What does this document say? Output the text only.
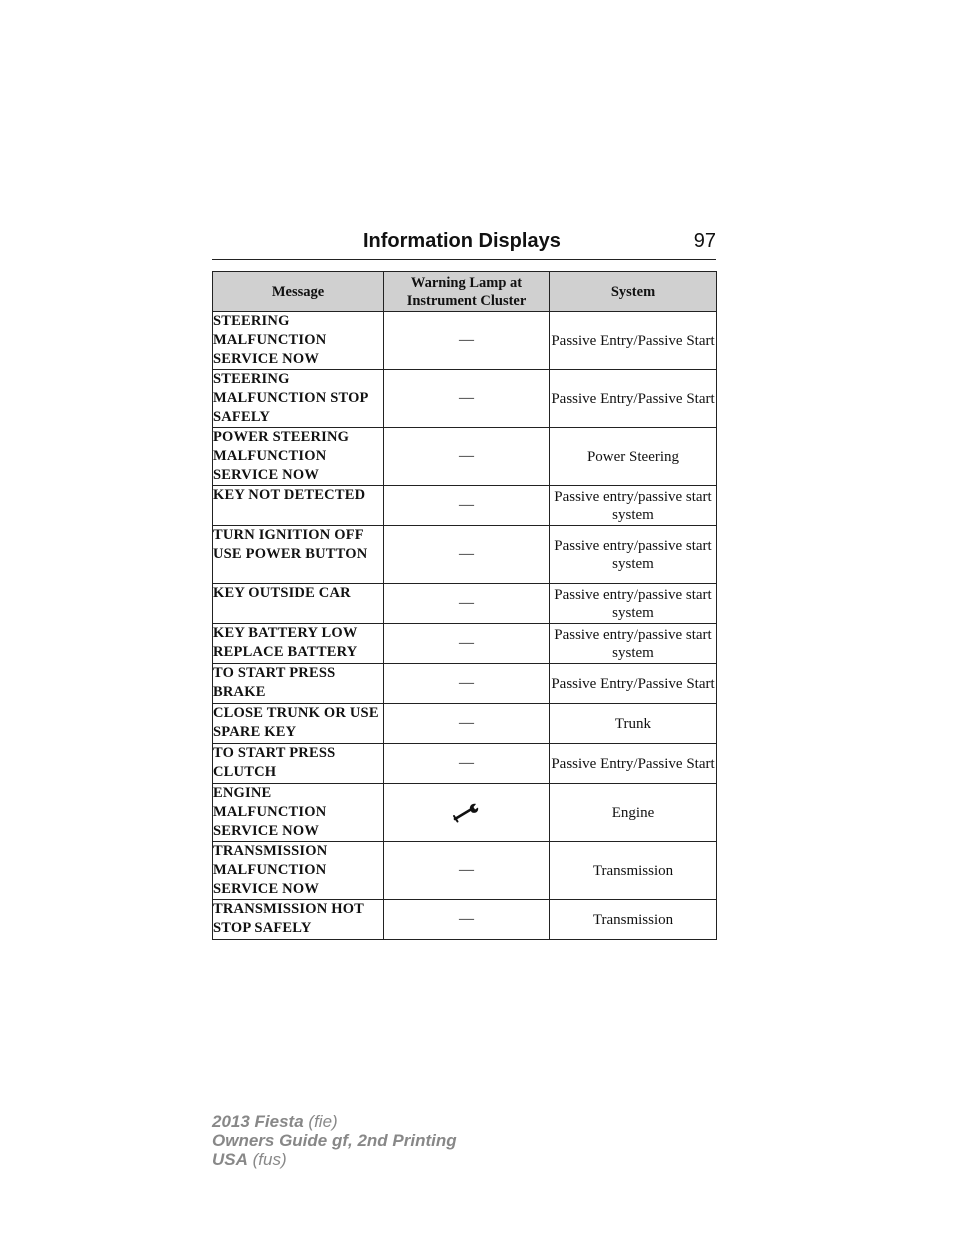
Information Displays	97
Message	Warning Lamp at Instrument Cluster	System
STEERING MALFUNCTION SERVICE NOW	—	Passive Entry/Passive Start
STEERING MALFUNCTION STOP SAFELY	—	Passive Entry/Passive Start
POWER STEERING MALFUNCTION SERVICE NOW	—	Power Steering
KEY NOT DETECTED	—	Passive entry/passive start system
TURN IGNITION OFF USE POWER BUTTON	—	Passive entry/passive start system
KEY OUTSIDE CAR	—	Passive entry/passive start system
KEY BATTERY LOW REPLACE BATTERY	—	Passive entry/passive start system
TO START PRESS BRAKE	—	Passive Entry/Passive Start
CLOSE TRUNK OR USE SPARE KEY	—	Trunk
TO START PRESS CLUTCH	—	Passive Entry/Passive Start
ENGINE MALFUNCTION SERVICE NOW		Engine
TRANSMISSION MALFUNCTION SERVICE NOW	—	Transmission
TRANSMISSION HOT STOP SAFELY	—	Transmission
2013 Fiesta (fie)
Owners Guide gf, 2nd Printing
USA (fus)
